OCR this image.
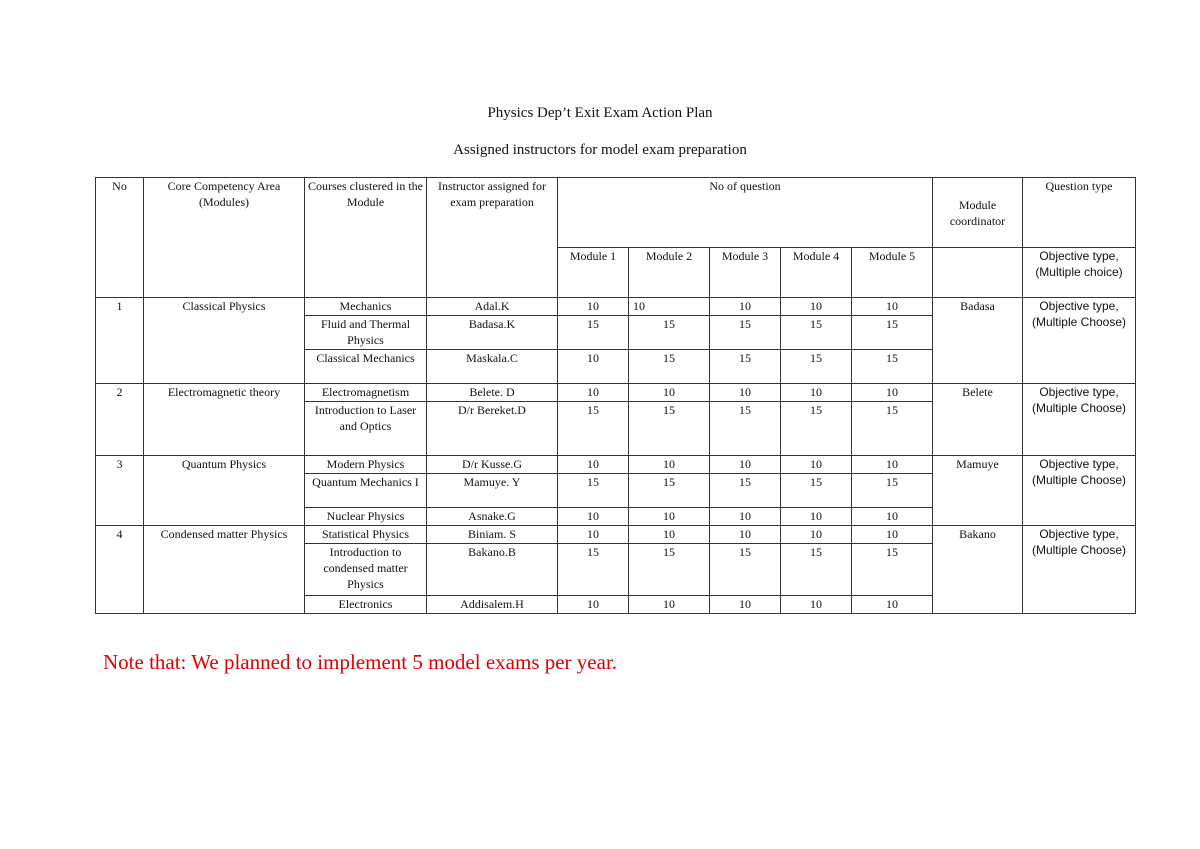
Physics Dep’t Exit Exam Action Plan
Assigned instructors for model exam preparation
No	Core Competency Area (Modules)	Courses clustered in the Module	Instructor assigned for exam preparation	No of question					Module coordinator	Question type
				Module 1	Module 2	Module 3	Module 4	Module 5		Objective type, (Multiple choice)
1	Classical Physics	Mechanics	Adal.K	10	10	10	10	10	Badasa	Objective type, (Multiple Choose)
		Fluid and Thermal Physics	Badasa.K	15	15	15	15	15		
		Classical Mechanics	Maskala.C	10	15	15	15	15		
2	Electromagnetic theory	Electromagnetism	Belete. D	10	10	10	10	10	Belete	Objective type, (Multiple Choose)
		Introduction to Laser and Optics	D/r Bereket.D	15	15	15	15	15		
3	Quantum Physics	Modern Physics	D/r Kusse.G	10	10	10	10	10	Mamuye	Objective type, (Multiple Choose)
		Quantum Mechanics I	Mamuye. Y	15	15	15	15	15		
		Nuclear Physics	Asnake.G	10	10	10	10	10		
4	Condensed matter Physics	Statistical Physics	Biniam. S	10	10	10	10	10	Bakano	Objective type, (Multiple Choose)
		Introduction to condensed matter Physics	Bakano.B	15	15	15	15	15		
		Electronics	Addisalem.H	10	10	10	10	10		
Note that: We planned to implement 5 model exams per year.
